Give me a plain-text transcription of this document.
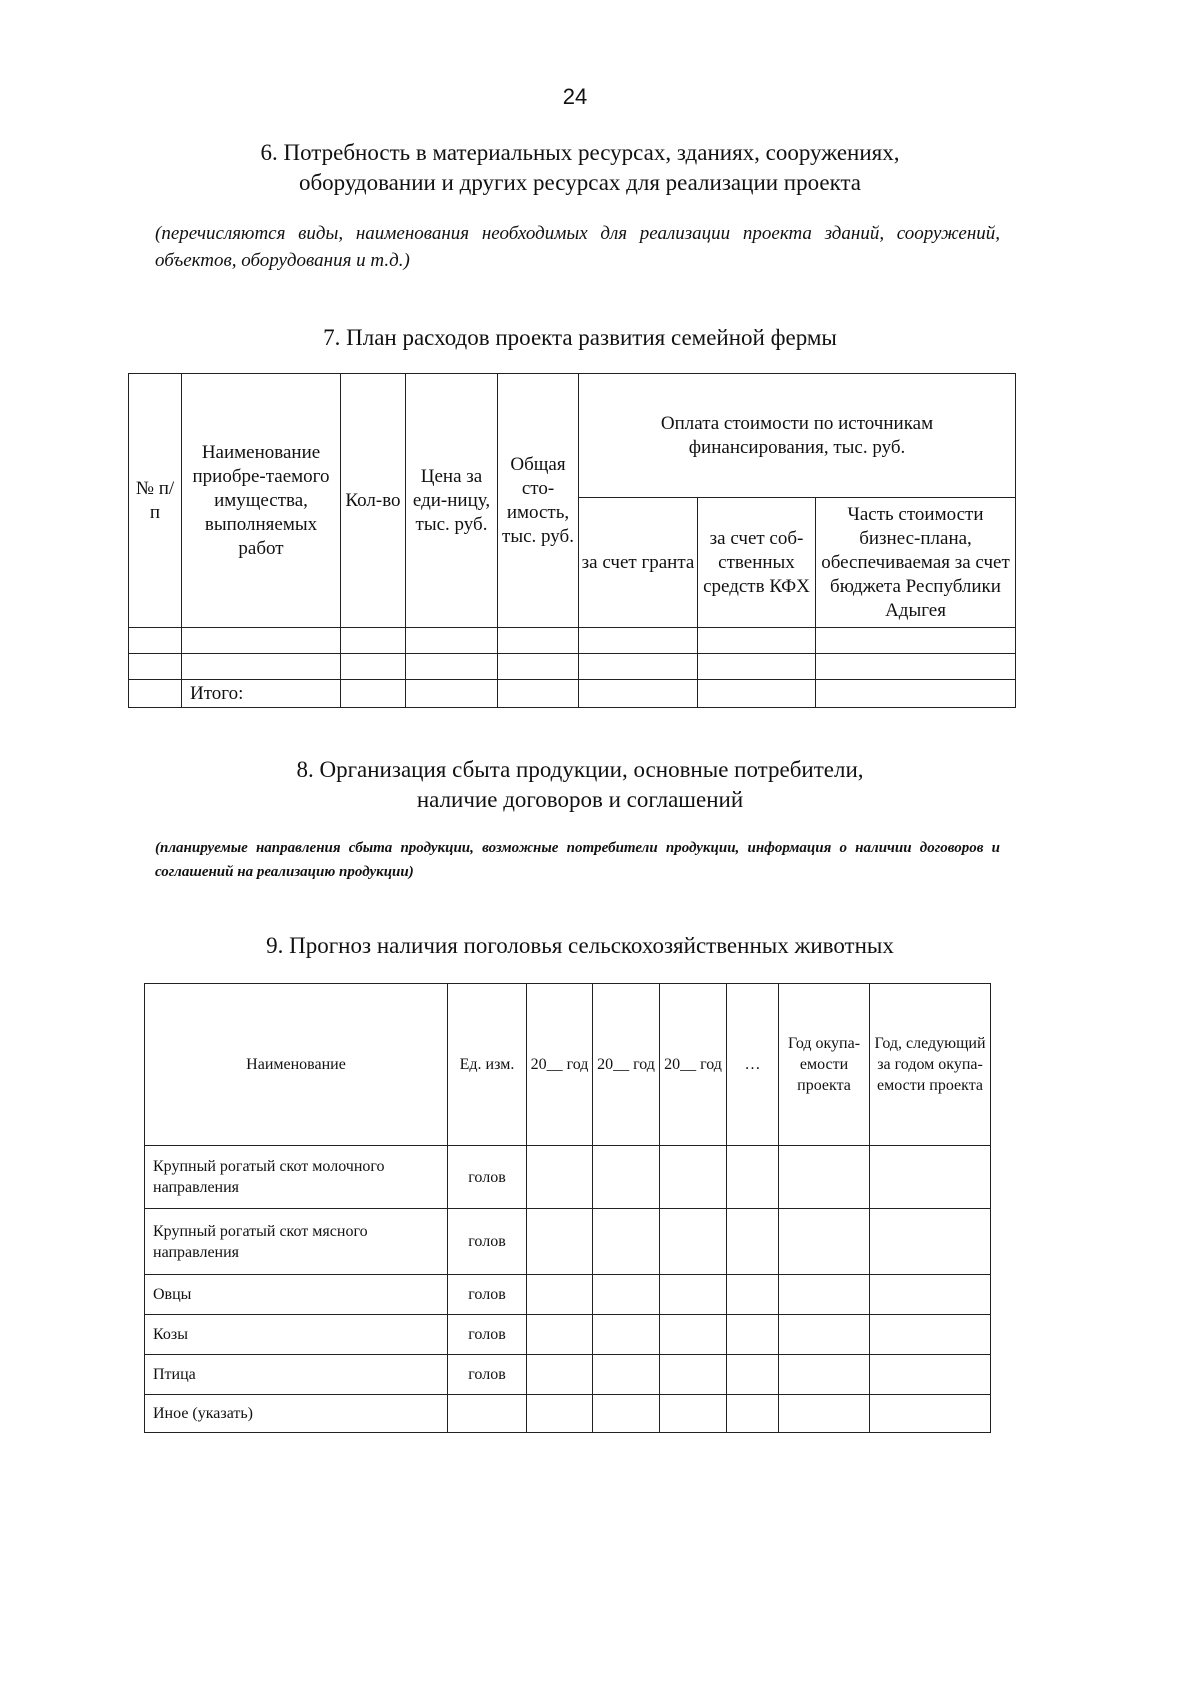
24
6. Потребность в материальных ресурсах, зданиях, сооружениях,
оборудовании и других ресурсах для реализации проекта
(перечисляются виды, наименования необходимых для реализации проекта зданий, сооружений, объектов, оборудования и т.д.)
7. План расходов проекта развития семейной фермы
№ п/п	Наименование приобре-таемого имущества, выполняемых работ	Кол-во	Цена за еди-ницу, тыс. руб.	Общая сто-имость, тыс. руб.	Оплата стоимости по источникам финансирования, тыс. руб.		
					за счет гранта	за счет соб-ственных средств КФХ	Часть стоимости бизнес-плана, обеспечиваемая за счет бюджета Республики Адыгея

	Итого:						
8. Организация сбыта продукции, основные потребители,
наличие договоров и соглашений
(планируемые направления сбыта продукции, возможные потребители продукции, информация о наличии договоров и соглашений на реализацию продукции)
9. Прогноз наличия поголовья сельскохозяйственных животных
Наименование	Ед. изм.	20__ год	20__ год	20__ год	…	Год окупа-емости проекта	Год, следующий за годом окупа-емости проекта
Крупный рогатый скот молочного направления	голов						
Крупный рогатый скот мясного направления	голов						
Овцы	голов						
Козы	голов						
Птица	голов						
Иное (указать)							
